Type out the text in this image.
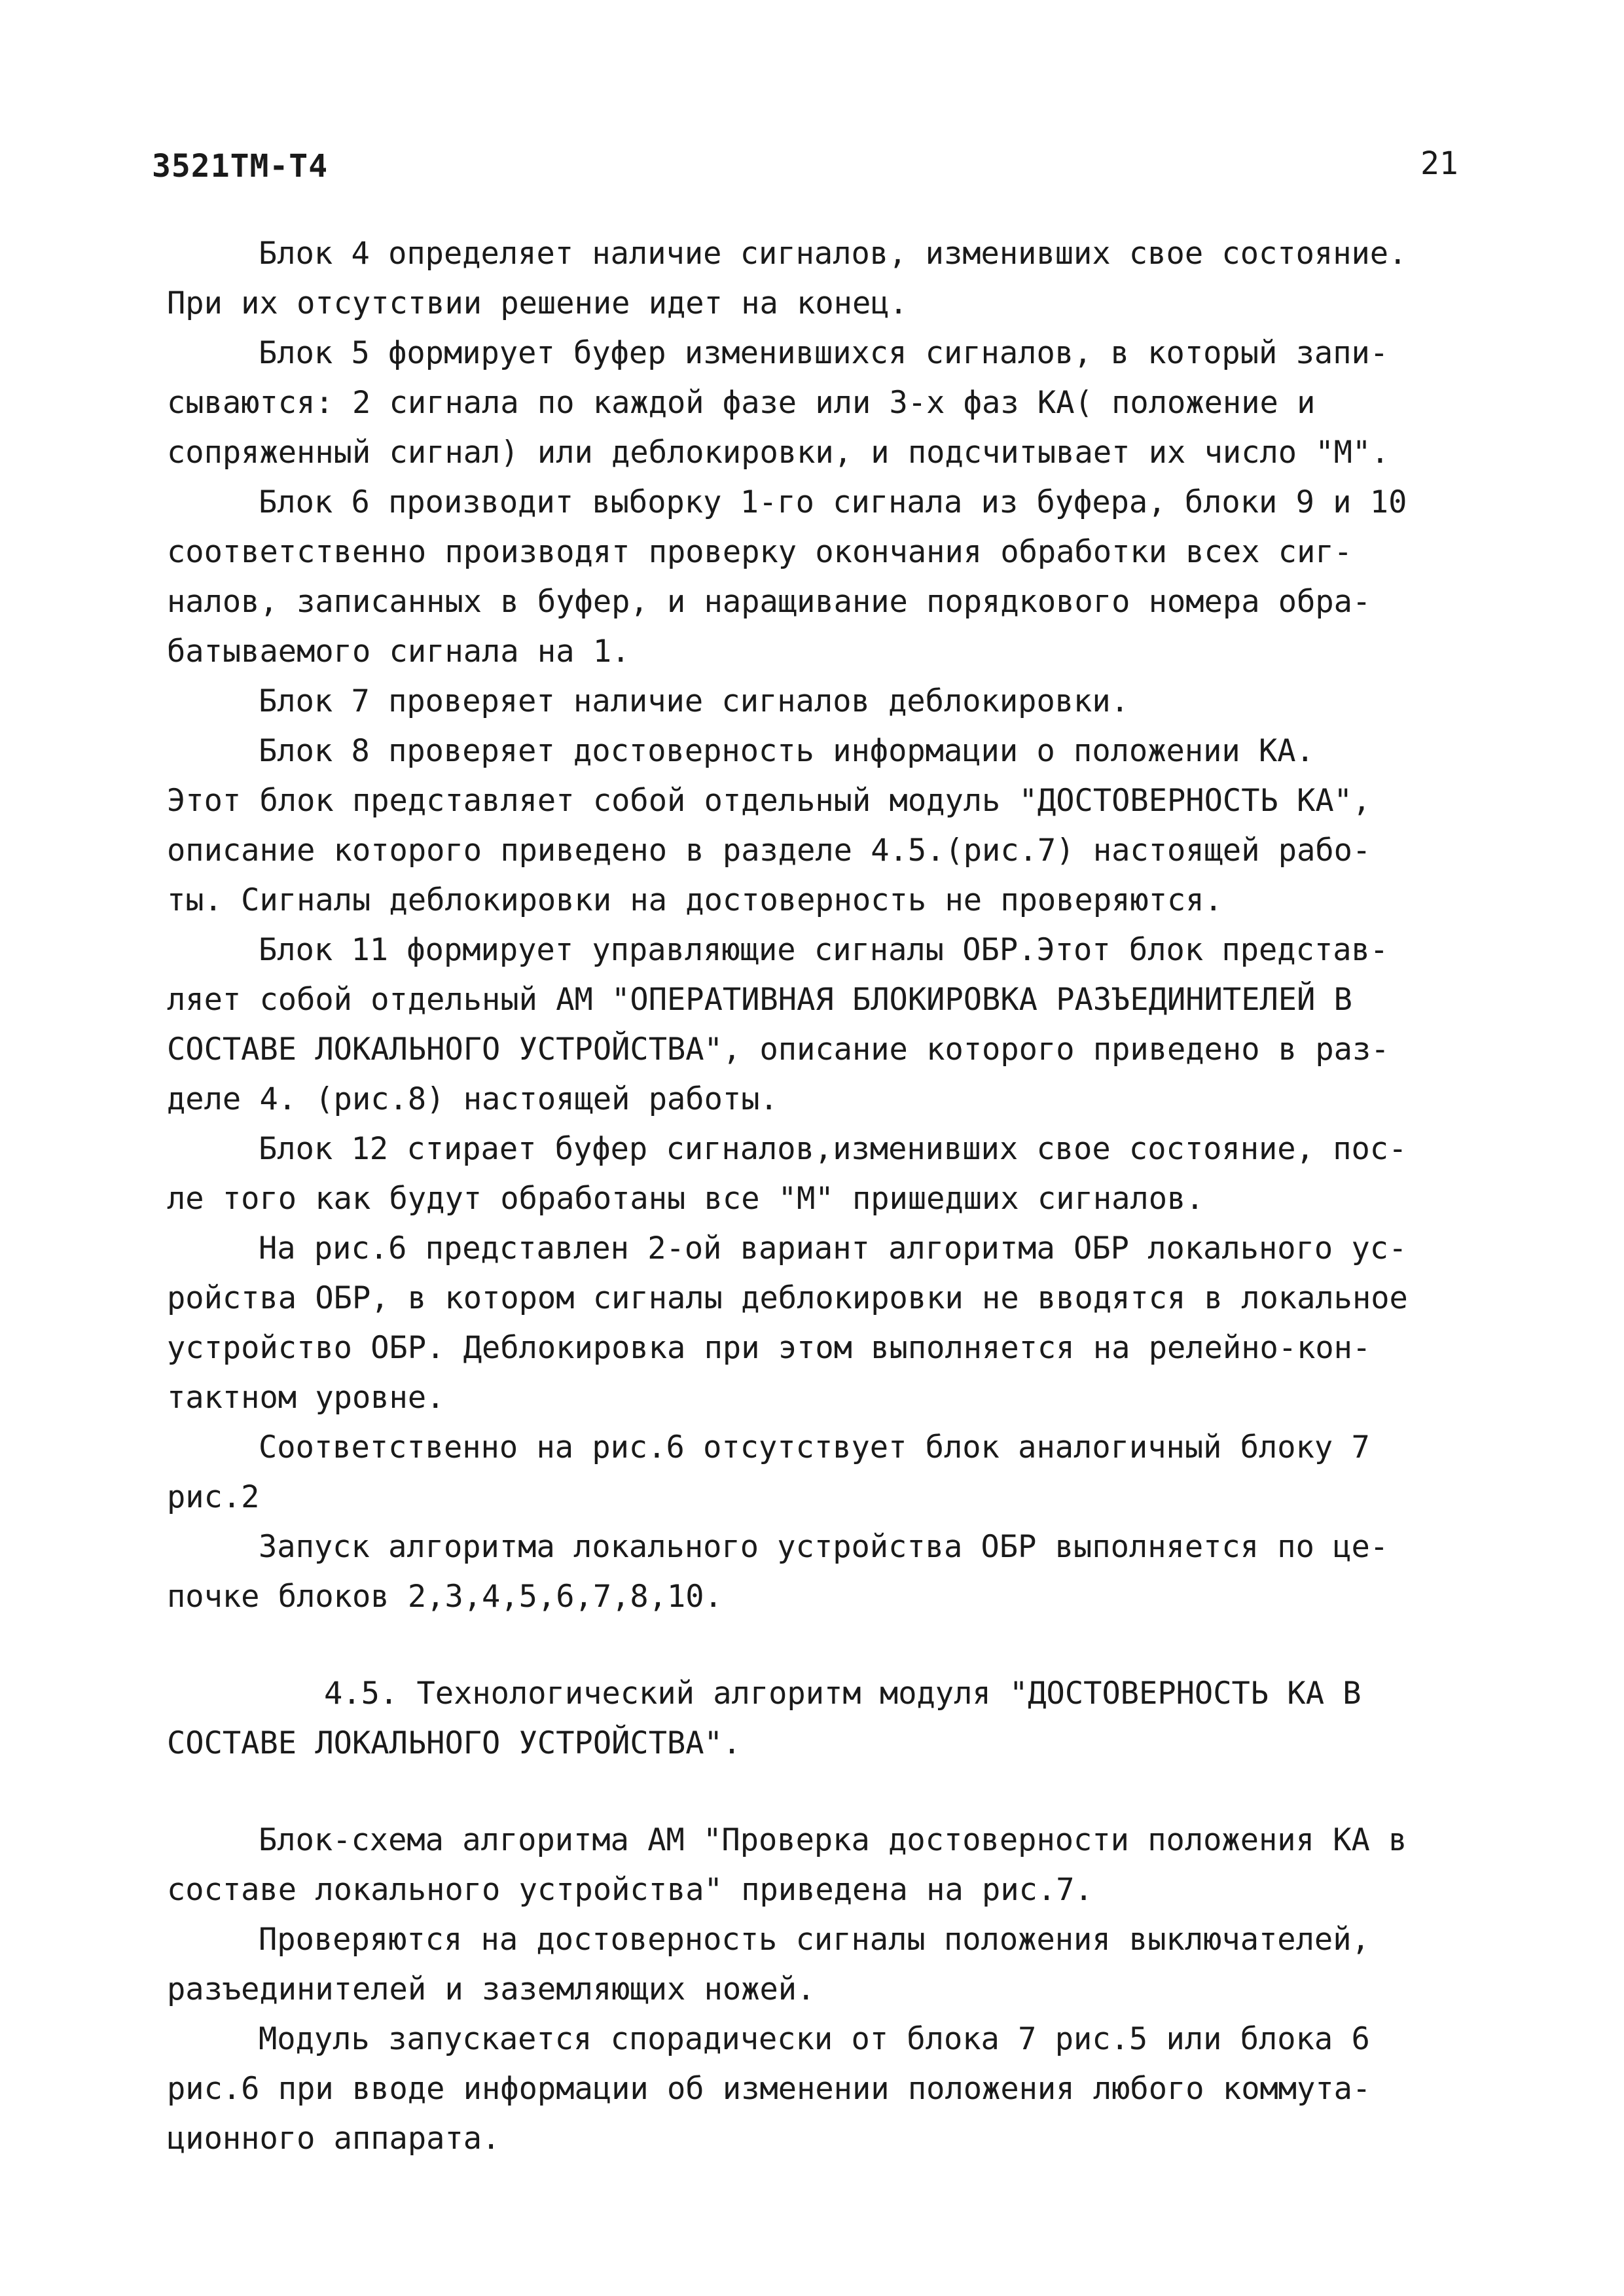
3521ТМ-Т4	21
Блок 4 определяет наличие сигналов, изменивших свое состояние.
При их отсутствии решение идет на конец.
Блок 5 формирует буфер изменившихся сигналов, в который запи-
сываются: 2 сигнала по каждой фазе или 3-х фаз КА( положение и
сопряженный сигнал) или деблокировки, и подсчитывает их число "М".
Блок 6 производит выборку 1-го сигнала из буфера, блоки 9 и 10
соответственно производят проверку окончания обработки всех сиг-
налов, записанных в буфер, и наращивание порядкового номера обра-
батываемого сигнала на 1.
Блок 7 проверяет наличие сигналов деблокировки.
Блок 8 проверяет достоверность информации о положении КА.
Этот блок представляет собой отдельный модуль "ДОСТОВЕРНОСТЬ КА",
описание которого приведено в разделе 4.5.(рис.7) настоящей рабо-
ты. Сигналы деблокировки на достоверность не проверяются.
Блок 11 формирует управляющие сигналы ОБР.Этот блок представ-
ляет собой отдельный АМ "ОПЕРАТИВНАЯ БЛОКИРОВКА РАЗЪЕДИНИТЕЛЕЙ В
СОСТАВЕ ЛОКАЛЬНОГО УСТРОЙСТВА", описание которого приведено в раз-
деле 4. (рис.8) настоящей работы.
Блок 12 стирает буфер сигналов,изменивших свое состояние, пос-
ле того как будут обработаны все "М" пришедших сигналов.
На рис.6 представлен 2-ой вариант алгоритма ОБР локального ус-
ройства ОБР, в котором сигналы деблокировки не вводятся в локальное
устройство ОБР. Деблокировка при этом выполняется на релейно-кон-
тактном уровне.
Соответственно на рис.6 отсутствует блок аналогичный блоку 7
рис.2
Запуск алгоритма локального устройства ОБР выполняется по це-
почке блоков 2,3,4,5,6,7,8,10.
4.5. Технологический алгоритм модуля "ДОСТОВЕРНОСТЬ КА В
СОСТАВЕ ЛОКАЛЬНОГО УСТРОЙСТВА".
Блок-схема алгоритма АМ "Проверка достоверности положения КА в
составе локального устройства" приведена на рис.7.
Проверяются на достоверность сигналы положения выключателей,
разъединителей и заземляющих ножей.
Модуль запускается спорадически от блока 7 рис.5 или блока 6
рис.6 при вводе информации об изменении положения любого коммута-
ционного аппарата.
